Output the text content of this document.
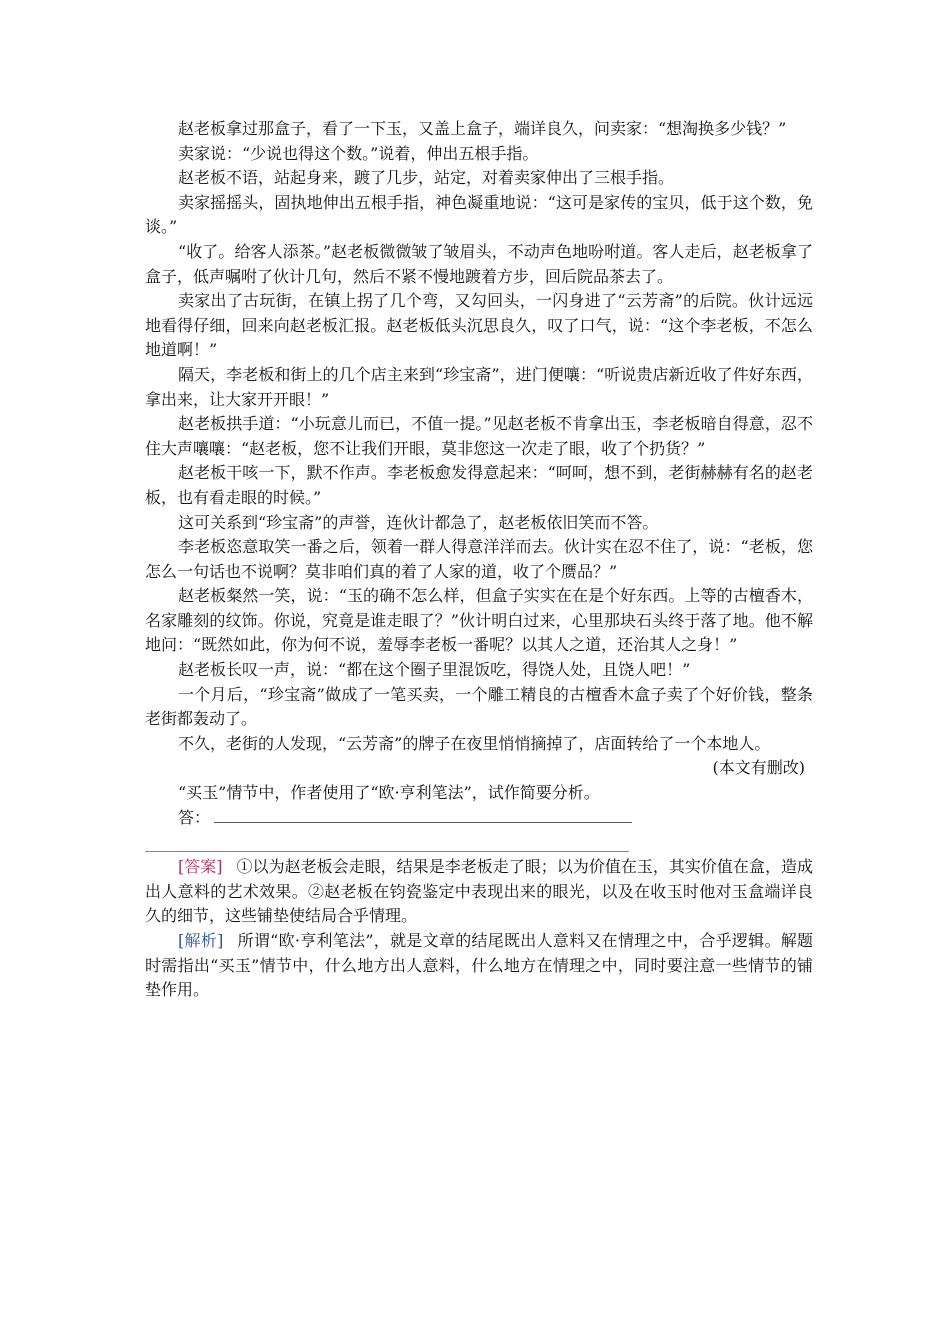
赵老板拿过那盒子，看了一下玉，又盖上盒子，端详良久，问卖家：“想淘换多少钱？”

卖家说：“少说也得这个数。”说着，伸出五根手指。

赵老板不语，站起身来，踱了几步，站定，对着卖家伸出了三根手指。

卖家摇摇头，固执地伸出五根手指，神色凝重地说：“这可是家传的宝贝，低于这个数，免谈。”

“收了。给客人添茶。”赵老板微微皱了皱眉头，不动声色地吩咐道。客人走后，赵老板拿了盒子，低声嘱咐了伙计几句，然后不紧不慢地踱着方步，回后院品茶去了。

卖家出了古玩街，在镇上拐了几个弯，又勾回头，一闪身进了“云芳斋”的后院。伙计远远地看得仔细，回来向赵老板汇报。赵老板低头沉思良久，叹了口气，说：“这个李老板，不怎么地道啊！”

隔天，李老板和街上的几个店主来到“珍宝斋”，进门便嚷：“听说贵店新近收了件好东西，拿出来，让大家开开眼！”

赵老板拱手道：“小玩意儿而已，不值一提。”见赵老板不肯拿出玉，李老板暗自得意，忍不住大声嚷嚷：“赵老板，您不让我们开眼，莫非您这一次走了眼，收了个扔货？”

赵老板干咳一下，默不作声。李老板愈发得意起来：“呵呵，想不到，老街赫赫有名的赵老板，也有看走眼的时候。”

这可关系到“珍宝斋”的声誉，连伙计都急了，赵老板依旧笑而不答。

李老板恣意取笑一番之后，领着一群人得意洋洋而去。伙计实在忍不住了，说：“老板，您怎么一句话也不说啊？莫非咱们真的着了人家的道，收了个赝品？”

赵老板粲然一笑，说：“玉的确不怎么样，但盒子实实在在是个好东西。上等的古檀香木，名家雕刻的纹饰。你说，究竟是谁走眼了？”伙计明白过来，心里那块石头终于落了地。他不解地问：“既然如此，你为何不说，羞辱李老板一番呢？以其人之道，还治其人之身！”

赵老板长叹一声，说：“都在这个圈子里混饭吃，得饶人处，且饶人吧！”

一个月后，“珍宝斋”做成了一笔买卖，一个雕工精良的古檀香木盒子卖了个好价钱，整条老街都轰动了。

不久，老街的人发现，“云芳斋”的牌子在夜里悄悄摘掉了，店面转给了一个本地人。

(本文有删改)

“买玉”情节中，作者使用了“欧·亨利笔法”，试作简要分析。

答：

[答案] ①以为赵老板会走眼，结果是李老板走了眼；以为价值在玉，其实价值在盒，造成出人意料的艺术效果。②赵老板在钧瓷鉴定中表现出来的眼光，以及在收玉时他对玉盒端详良久的细节，这些铺垫使结局合乎情理。

[解析] 所谓“欧·亨利笔法”，就是文章的结尾既出人意料又在情理之中，合乎逻辑。解题时需指出“买玉”情节中，什么地方出人意料，什么地方在情理之中，同时要注意一些情节的铺垫作用。
